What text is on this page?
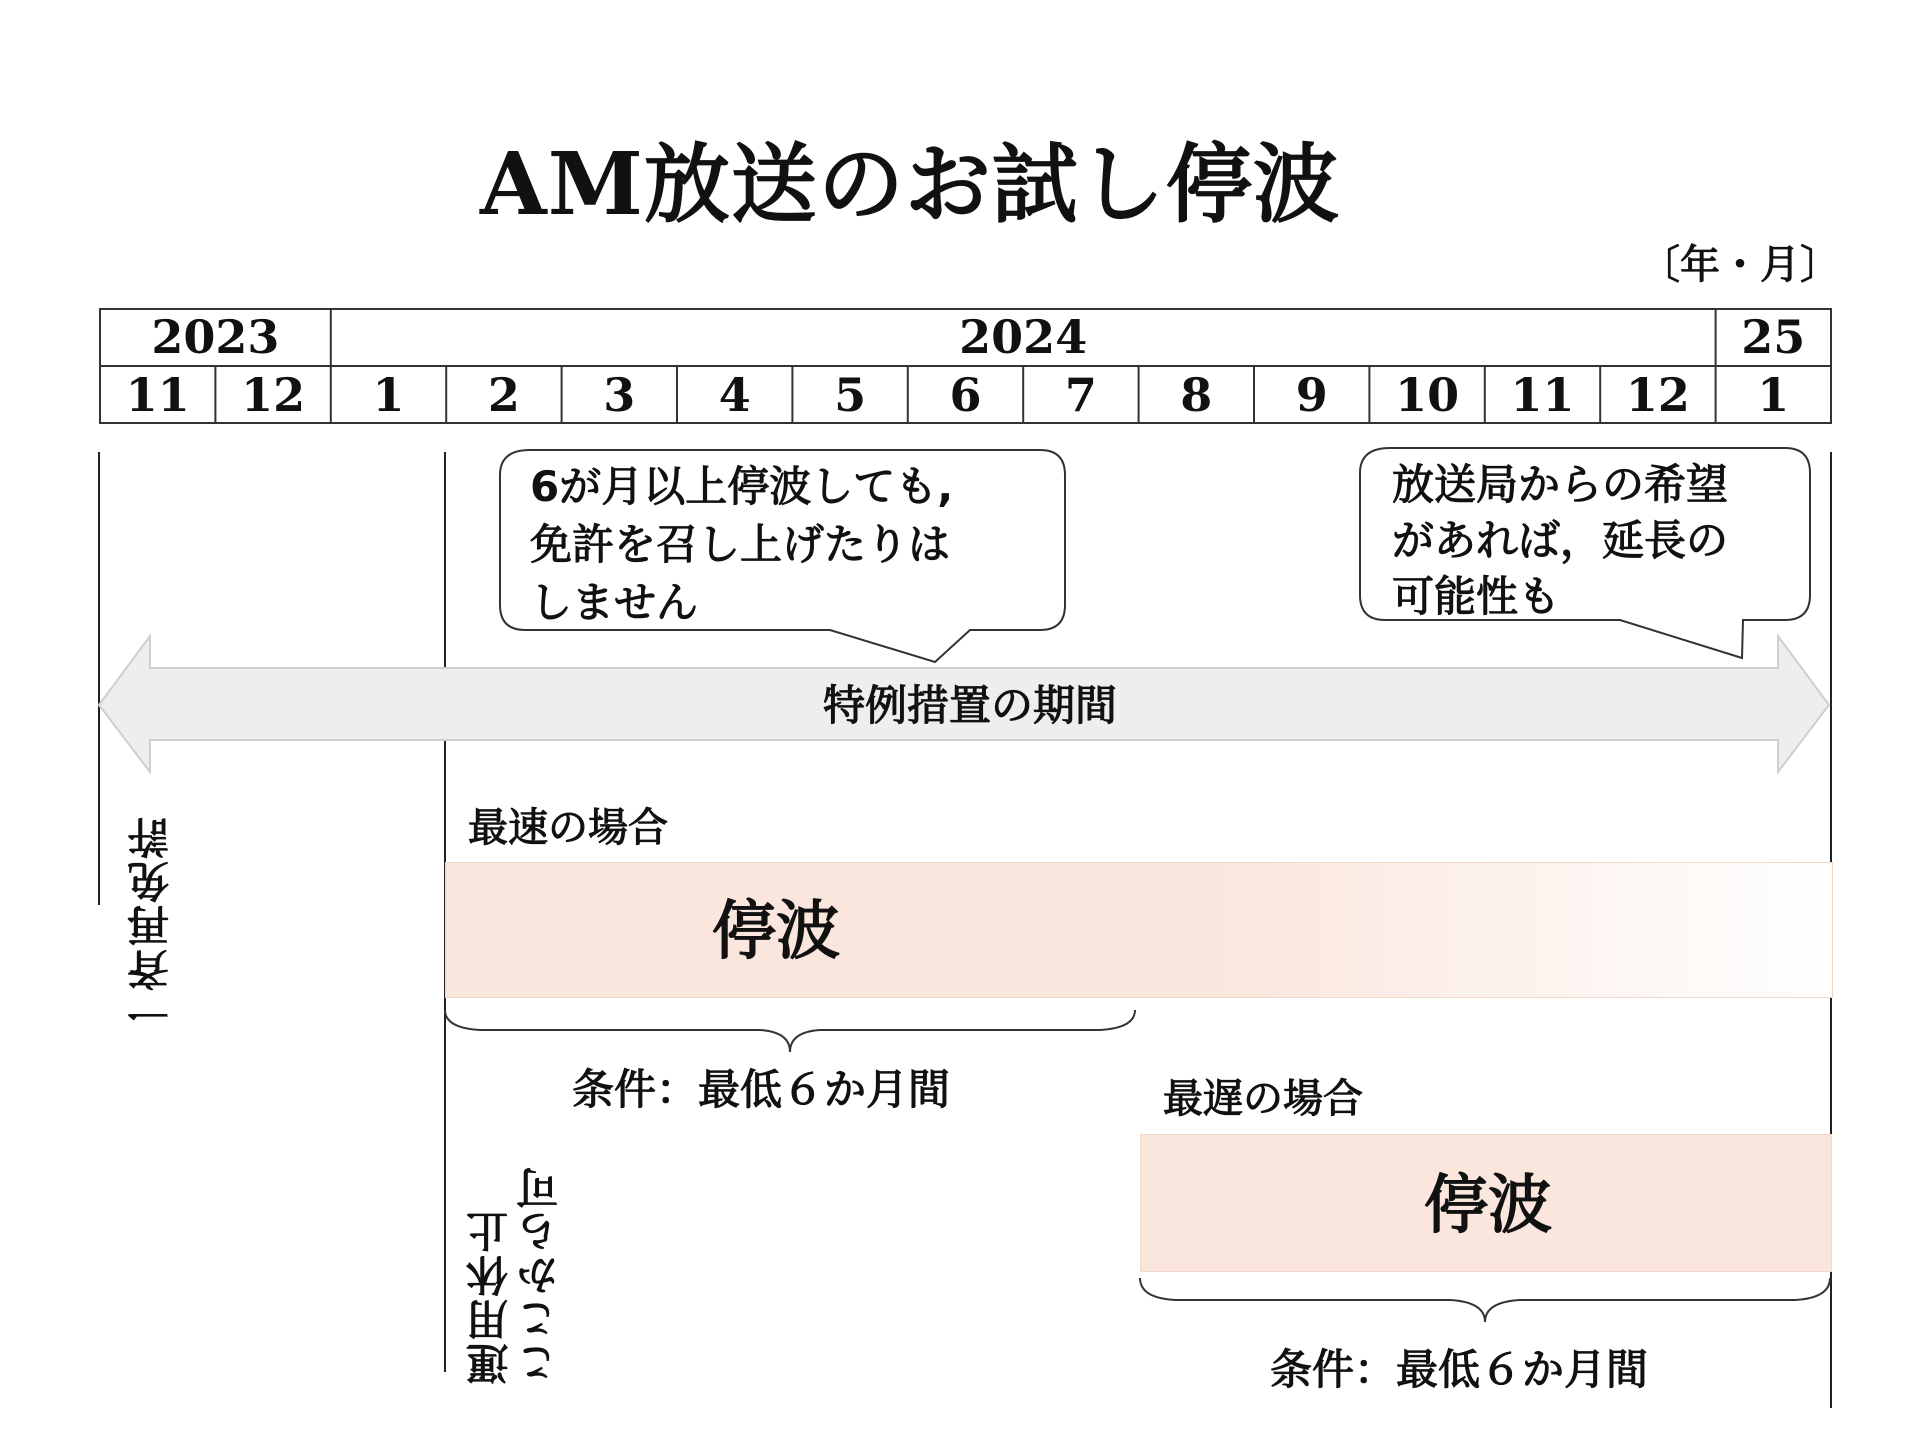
AM放送のお試し停波
〔年・月〕
2023	2024	25
11	12	1	2	3	4	5	6	7	8	9	10	11	12	1
6が月以上停波しても,
免許を召し上げたりは
しません
放送局からの希望
があれば，延長の
可能性も
特例措置の期間
一斉再免許
ここから可
運用休止
最速の場合
停波
条件：最低６か月間	最遅の場合
停波
条件：最低６か月間
